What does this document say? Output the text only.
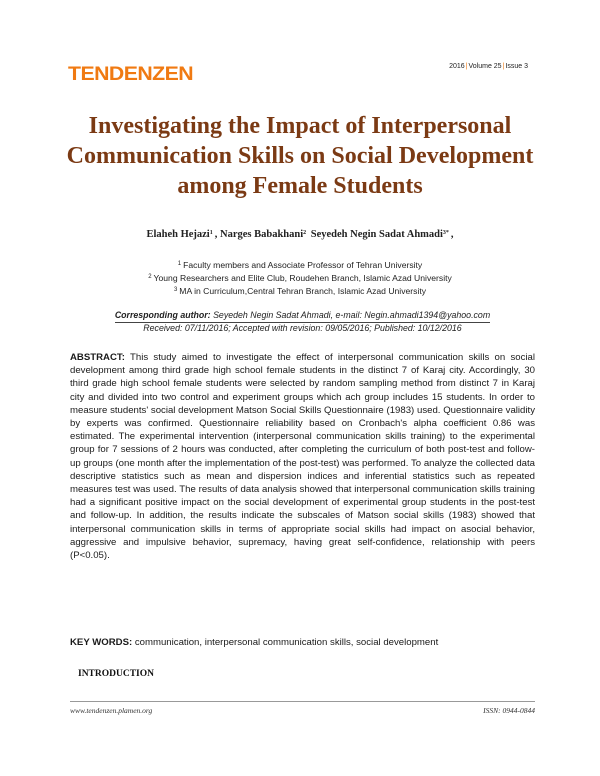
TENDENZEN	2016|Volume 25|Issue 3
Investigating the Impact of Interpersonal Communication Skills on Social Development among Female Students
Elaheh Hejazi$^1$ , Narges Babakhani$^2$ Seyedeh Negin Sadat Ahmadi$^{3*}$ ,
$^1$ Faculty members and Associate Professor of Tehran University
$^2$ Young Researchers and Elite Club, Roudehen Branch, Islamic Azad University
$^3$ MA in Curriculum,Central Tehran Branch, Islamic Azad University
Corresponding author: Seyedeh Negin Sadat Ahmadi, e-mail: Negin.ahmadi1394@yahoo.com
Received: 07/11/2016; Accepted with revision: 09/05/2016; Published: 10/12/2016
ABSTRACT: This study aimed to investigate the effect of interpersonal communication skills on social development among third grade high school female students in the distinct 7 of Karaj city. Accordingly, 30 third grade high school female students were selected by random sampling method from distinct 7 in Karaj city and divided into two control and experiment groups which ach group includes 15 students. In order to measure students' social development Matson Social Skills Questionnaire (1983) used. Questionnaire validity by experts was confirmed. Questionnaire reliability based on Cronbach's alpha coefficient 0.86 was estimated. The experimental intervention (interpersonal communication skills training) to the experimental group for 7 sessions of 2 hours was conducted, after completing the curriculum of both post-test and follow-up groups (one month after the implementation of the post-test) was performed. To analyze the collected data descriptive statistics such as mean and dispersion indices and inferential statistics such as repeated measures test was used. The results of data analysis showed that interpersonal communication skills training had a significant positive impact on the social development of experimental group students in the post-test and follow-up. In addition, the results indicate the subscales of Matson social skills (1983) showed that interpersonal communication skills in terms of appropriate social skills had impact on asocial behavior, aggressive and impulsive behavior, supremacy, having great self-confidence, relationship with peers (P<0.05).
KEY WORDS: communication, interpersonal communication skills, social development
INTRODUCTION
www.tendenzen.plamen.org	ISSN: 0944-0844
